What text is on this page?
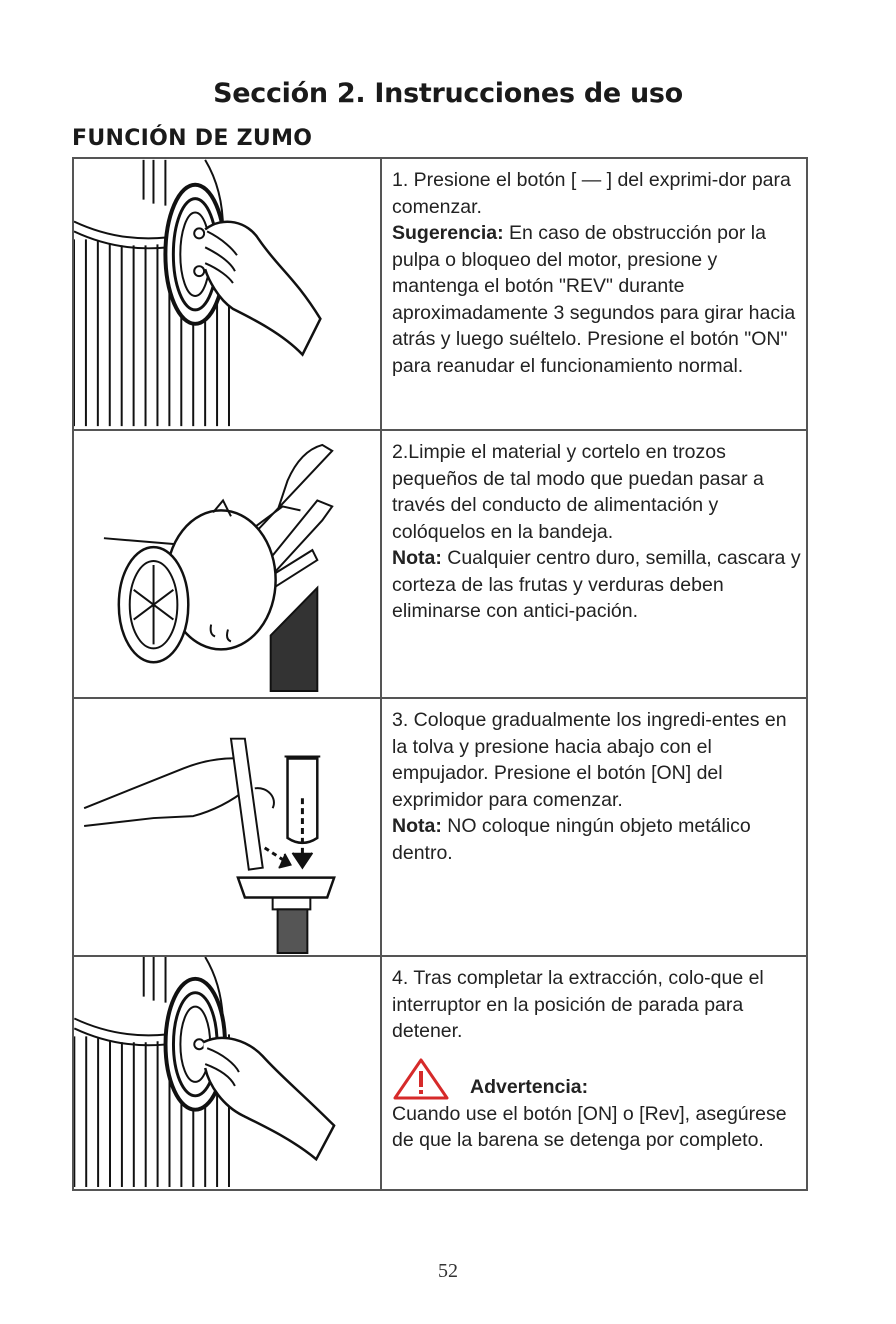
Sección 2. Instrucciones de uso
FUNCIÓN DE ZUMO

1. Presione el botón [ — ] del exprimi-dor para comenzar.

Sugerencia: En caso de obstrucción por la pulpa o bloqueo del motor, presione y mantenga el botón "REV" durante aproximadamente 3 segundos para girar hacia atrás y luego suéltelo. Presione el botón "ON" para reanudar el funcionamiento normal.

2.Limpie el material y cortelo en trozos pequeños de tal modo que puedan pasar a través del conducto de alimentación y colóquelos en la bandeja.

Nota: Cualquier centro duro, semilla, cascara y corteza de las frutas y verduras deben eliminarse con antici-pación.

3. Coloque gradualmente los ingredi-entes en la tolva y presione hacia abajo con el empujador. Presione el botón [ON] del exprimidor para comenzar.

Nota: NO coloque ningún objeto metálico dentro.

4. Tras completar la extracción, colo-que el interruptor en la posición de parada para detener.

Advertencia:

Cuando use el botón [ON] o [Rev], asegúrese de que la barena se detenga por completo.

52
